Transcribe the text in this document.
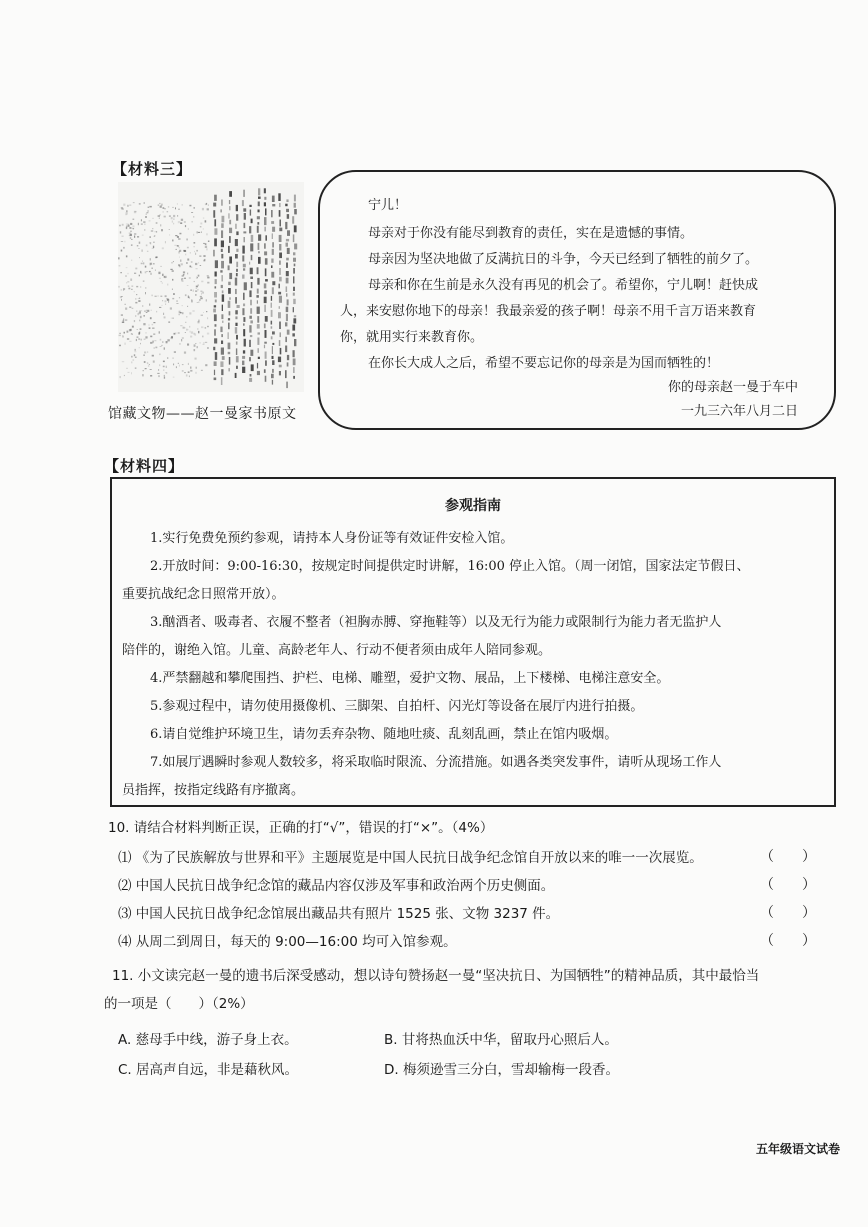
【材料三】
馆藏文物——赵一曼家书原文
宁儿！
母亲对于你没有能尽到教育的责任，实在是遗憾的事情。
母亲因为坚决地做了反满抗日的斗争，今天已经到了牺牲的前夕了。
母亲和你在生前是永久没有再见的机会了。希望你，宁儿啊！赶快成
人，来安慰你地下的母亲！我最亲爱的孩子啊！母亲不用千言万语来教育
你，就用实行来教育你。
在你长大成人之后，希望不要忘记你的母亲是为国而牺牲的！
你的母亲赵一曼于车中
一九三六年八月二日
【材料四】
参观指南
1.实行免费免预约参观，请持本人身份证等有效证件安检入馆。
2.开放时间：9:00-16:30，按规定时间提供定时讲解，16:00 停止入馆。（周一闭馆，国家法定节假日、
重要抗战纪念日照常开放）。
3.酗酒者、吸毒者、衣履不整者（袒胸赤膊、穿拖鞋等）以及无行为能力或限制行为能力者无监护人
陪伴的，谢绝入馆。儿童、高龄老年人、行动不便者须由成年人陪同参观。
4.严禁翻越和攀爬围挡、护栏、电梯、雕塑，爱护文物、展品，上下楼梯、电梯注意安全。
5.参观过程中，请勿使用摄像机、三脚架、自拍杆、闪光灯等设备在展厅内进行拍摄。
6.请自觉维护环境卫生，请勿丢弃杂物、随地吐痰、乱刻乱画，禁止在馆内吸烟。
7.如展厅遇瞬时参观人数较多，将采取临时限流、分流措施。如遇各类突发事件，请听从现场工作人
员指挥，按指定线路有序撤离。
10. 请结合材料判断正误，正确的打“√”，错误的打“×”。（4%）
⑴ 《为了民族解放与世界和平》主题展览是中国人民抗日战争纪念馆自开放以来的唯一一次展览。	（　　）
⑵ 中国人民抗日战争纪念馆的藏品内容仅涉及军事和政治两个历史侧面。	（　　）
⑶ 中国人民抗日战争纪念馆展出藏品共有照片 1525 张、文物 3237 件。	（　　）
⑷ 从周二到周日，每天的 9:00—16:00 均可入馆参观。	（　　）
11. 小文读完赵一曼的遗书后深受感动，想以诗句赞扬赵一曼“坚决抗日、为国牺牲”的精神品质，其中最恰当
的一项是（　　）（2%）
A. 慈母手中线，游子身上衣。	B. 甘将热血沃中华，留取丹心照后人。
C. 居高声自远，非是藉秋风。	D. 梅须逊雪三分白，雪却输梅一段香。
五年级语文试卷
